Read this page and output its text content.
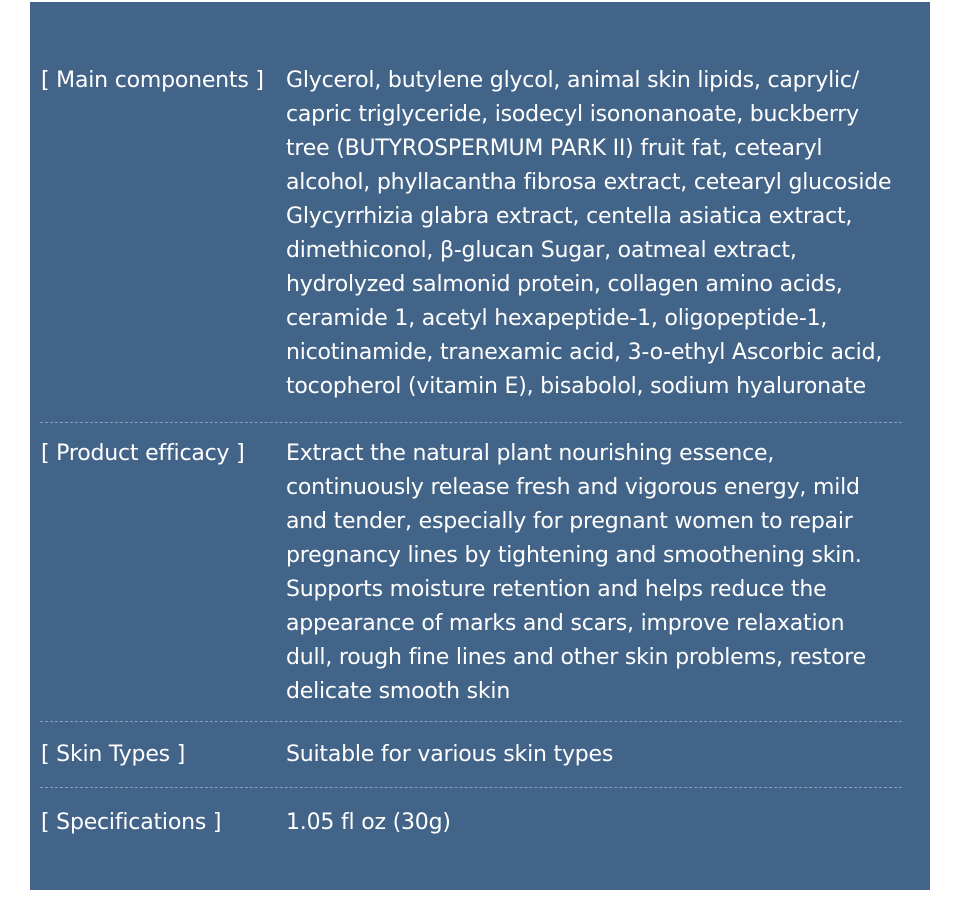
[ Main components ] Glycerol, butylene glycol, animal skin lipids, caprylic/
capric triglyceride, isodecyl isononanoate, buckberry
tree (BUTYROSPERMUM PARK II) fruit fat, cetearyl
alcohol, phyllacantha fibrosa extract, cetearyl glucoside
Glycyrrhizia glabra extract, centella asiatica extract,
dimethiconol, β-glucan Sugar, oatmeal extract,
hydrolyzed salmonid protein, collagen amino acids,
ceramide 1, acetyl hexapeptide-1, oligopeptide-1,
nicotinamide, tranexamic acid, 3-o-ethyl Ascorbic acid,
tocopherol (vitamin E), bisabolol, sodium hyaluronate
[ Product efficacy ] Extract the natural plant nourishing essence,
continuously release fresh and vigorous energy, mild
and tender, especially for pregnant women to repair
pregnancy lines by tightening and smoothening skin.
Supports moisture retention and helps reduce the
appearance of marks and scars, improve relaxation
dull, rough fine lines and other skin problems, restore
delicate smooth skin
[ Skin Types ]	Suitable for various skin types
[ Specifications ]	1.05 fl oz (30g)
